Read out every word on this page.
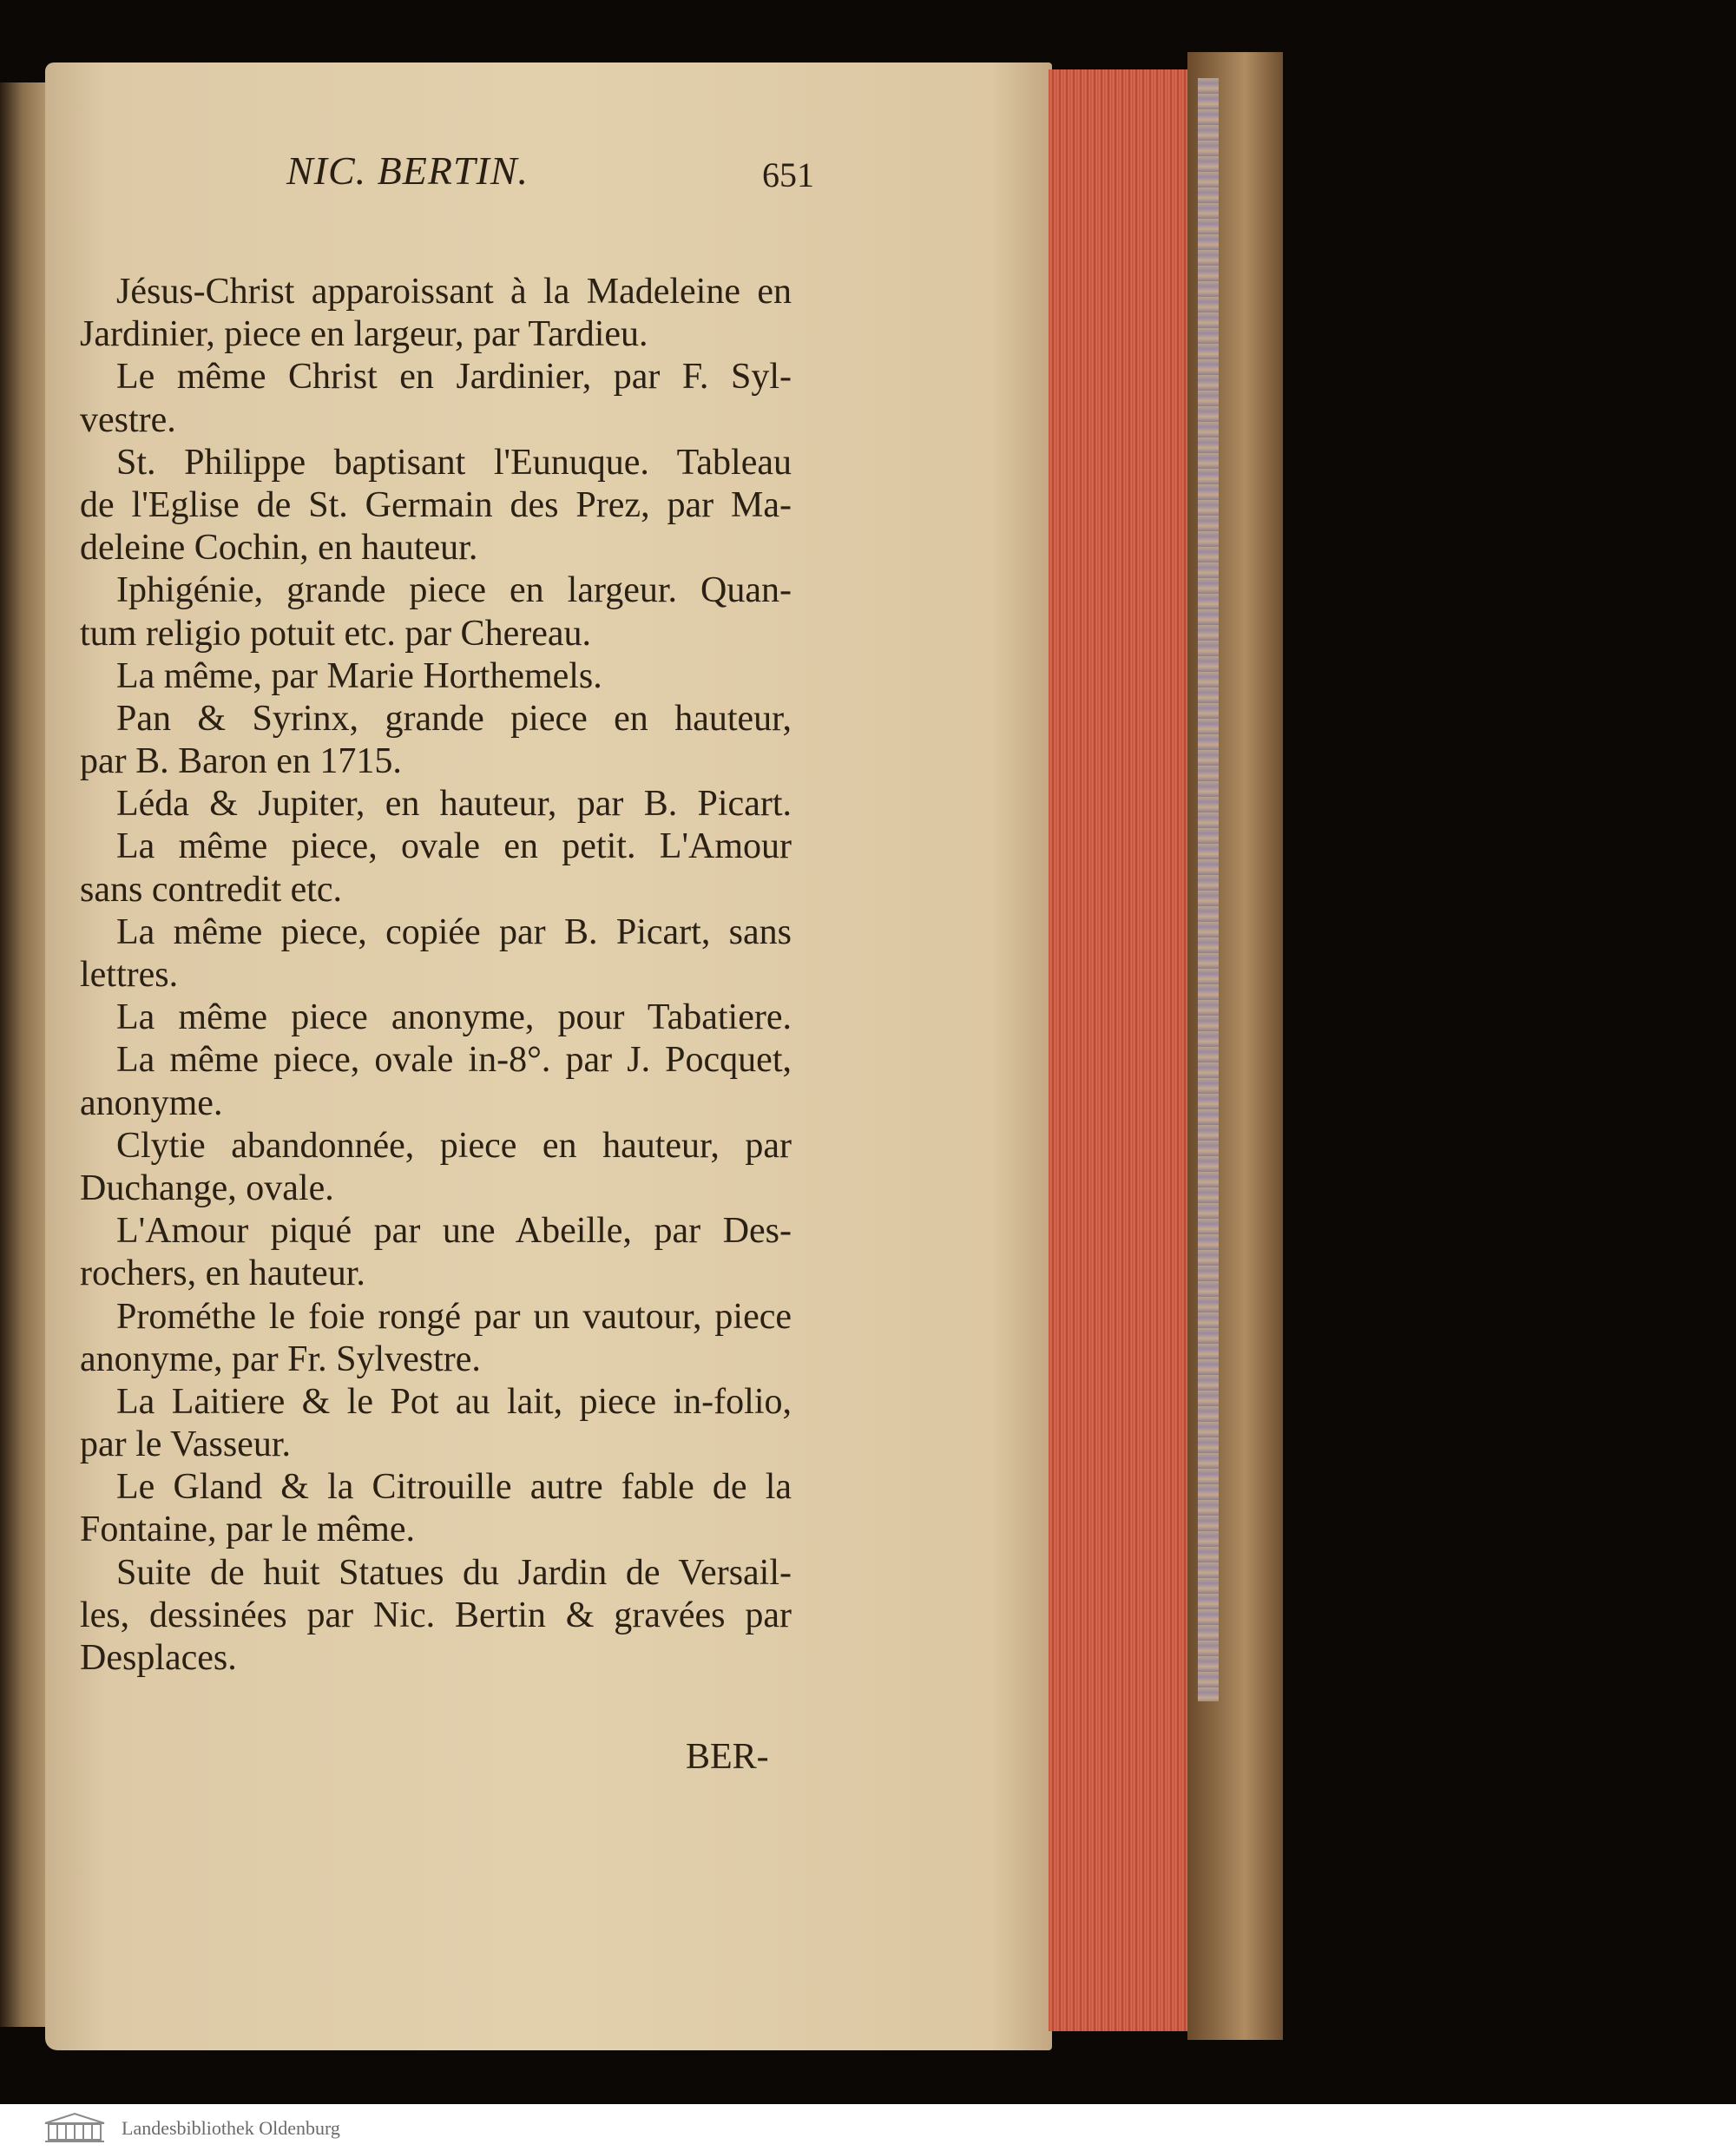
NIC. BERTIN.	651
Jésus-Christ apparoissant à la Madeleine en
Jardinier, piece en largeur, par Tardieu.
Le même Christ en Jardinier, par F. Syl-
vestre.
St. Philippe baptisant l'Eunuque. Tableau
de l'Eglise de St. Germain des Prez, par Ma-
deleine Cochin, en hauteur.
Iphigénie, grande piece en largeur. Quan-
tum religio potuit etc. par Chereau.
La même, par Marie Horthemels.
Pan & Syrinx, grande piece en hauteur,
par B. Baron en 1715.
Léda & Jupiter, en hauteur, par B. Picart.
La même piece, ovale en petit. L'Amour
sans contredit etc.
La même piece, copiée par B. Picart, sans
lettres.
La même piece anonyme, pour Tabatiere.
La même piece, ovale in-8°. par J. Pocquet,
anonyme.
Clytie abandonnée, piece en hauteur, par
Duchange, ovale.
L'Amour piqué par une Abeille, par Des-
rochers, en hauteur.
Prométhe le foie rongé par un vautour, piece
anonyme, par Fr. Sylvestre.
La Laitiere & le Pot au lait, piece in-folio,
par le Vasseur.
Le Gland & la Citrouille autre fable de la
Fontaine, par le même.
Suite de huit Statues du Jardin de Versail-
les, dessinées par Nic. Bertin & gravées par
Desplaces.
BER-
Landesbibliothek Oldenburg
